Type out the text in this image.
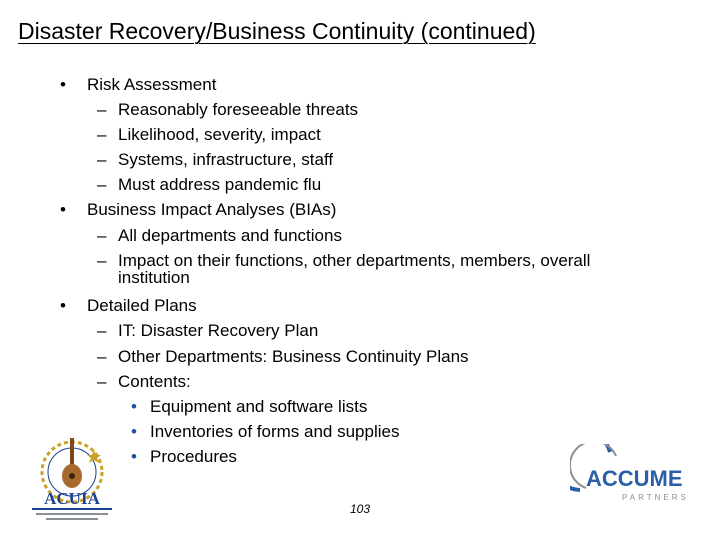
Disaster Recovery/Business Continuity (continued)
• Risk Assessment
– Reasonably foreseeable threats
– Likelihood, severity, impact
– Systems, infrastructure, staff
– Must address pandemic flu
• Business Impact Analyses (BIAs)
– All departments and functions
– Impact on their functions, other departments, members, overall institution
• Detailed Plans
– IT: Disaster Recovery Plan
– Other Departments: Business Continuity Plans
– Contents:
• Equipment and software lists
• Inventories of forms and supplies
• Procedures
ACUIA
103
ACCUME
PARTNERS
